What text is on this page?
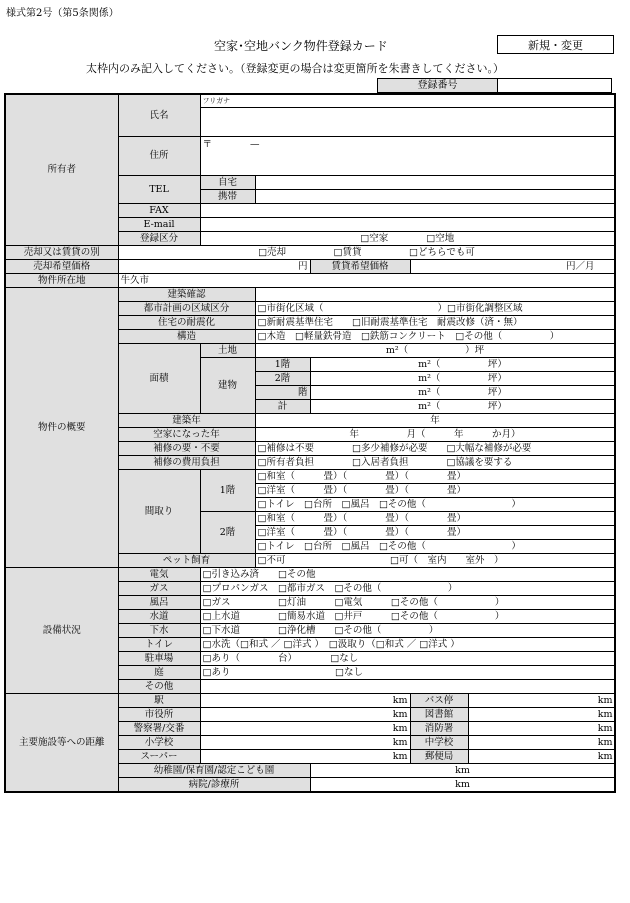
様式第2号（第5条関係）
空家･空地バンク物件登録カード	新規・変更
太枠内のみ記入してください。（登録変更の場合は変更箇所を朱書きしてください。）
登録番号
所有者	氏名	フリガナ				

	住所	〒　　　　—				
	TEL	自宅				
		携帯				
	FAX					
	E-mail					
	登録区分	□空家　　　　□空地				
売却又は賃貸の別	□売却　　　　　□賃貸　　　　　□どちらでも可					
売却希望価格	円			賃貸希望価格	円／月	
物件所在地	牛久市					
物件の概要	建築確認					
	都市計画の区域区分		□市街化区域（　　　　　　　　　　　　）□市街化調整区域			
	住宅の耐震化		□新耐震基準住宅　　□旧耐震基準住宅　耐震改修（済・無）			
	構造		□木造　□軽量鉄骨造　□鉄筋コンクリート　□その他（　　　　　）			
	面積	土地	m²（　　　　　　）坪			
		建物	1階	m²（　　　　　坪）		
			2階	m²（　　　　　坪）		
			階	m²（　　　　　坪）		
			計	m²（　　　　　坪）		
	建築年		年			
	空家になった年		年　　　　　月（　　　年　　　か月）			
	補修の要・不要		□補修は不要　　　　□多少補修が必要　　□大幅な補修が必要			
	補修の費用負担		□所有者負担　　　　□入居者負担　　　　□協議を要する			
	間取り	1階	□和室（　　　畳）（　　　　畳）（　　　　畳）			
			□洋室（　　　畳）（　　　　畳）（　　　　畳）			
			□トイレ　□台所　□風呂　□その他（　　　　　　　　　）			
		2階	□和室（　　　畳）（　　　　畳）（　　　　畳）			
			□洋室（　　　畳）（　　　　畳）（　　　　畳）			
			□トイレ　□台所　□風呂　□その他（　　　　　　　　　）			
	ペット飼育		□不可　　　　　　　　　　　□可（　室内　　室外　）			
設備状況	電気	□引き込み済　　□その他				
	ガス	□プロパンガス　□都市ガス　□その他（　　　　　　　）				
	風呂	□ガス　　　　　□灯油　　　□電気　　　□その他（　　　　　　）				
	水道	□上水道　　　　□簡易水道　□井戸　　　□その他（　　　　　　）				
	下水	□下水道　　　　□浄化槽　　□その他（　　　　　）				
	トイレ	□水洗（□和式 ／ □洋式 ）　□汲取り（□和式 ／ □洋式 ）				
	駐車場	□あり（　　　　台）　　　　□なし				
	庭	□あり　　　　　　　　　　　□なし				
	その他					
主要施設等への距離	駅	km			バス停	km
	市役所	km			図書館	km
	警察署/交番	km			消防署	km
	小学校	km			中学校	km
	スーパー	km			郵便局	km
	幼稚園/保育園/認定こども園			km		
	病院/診療所			km		
